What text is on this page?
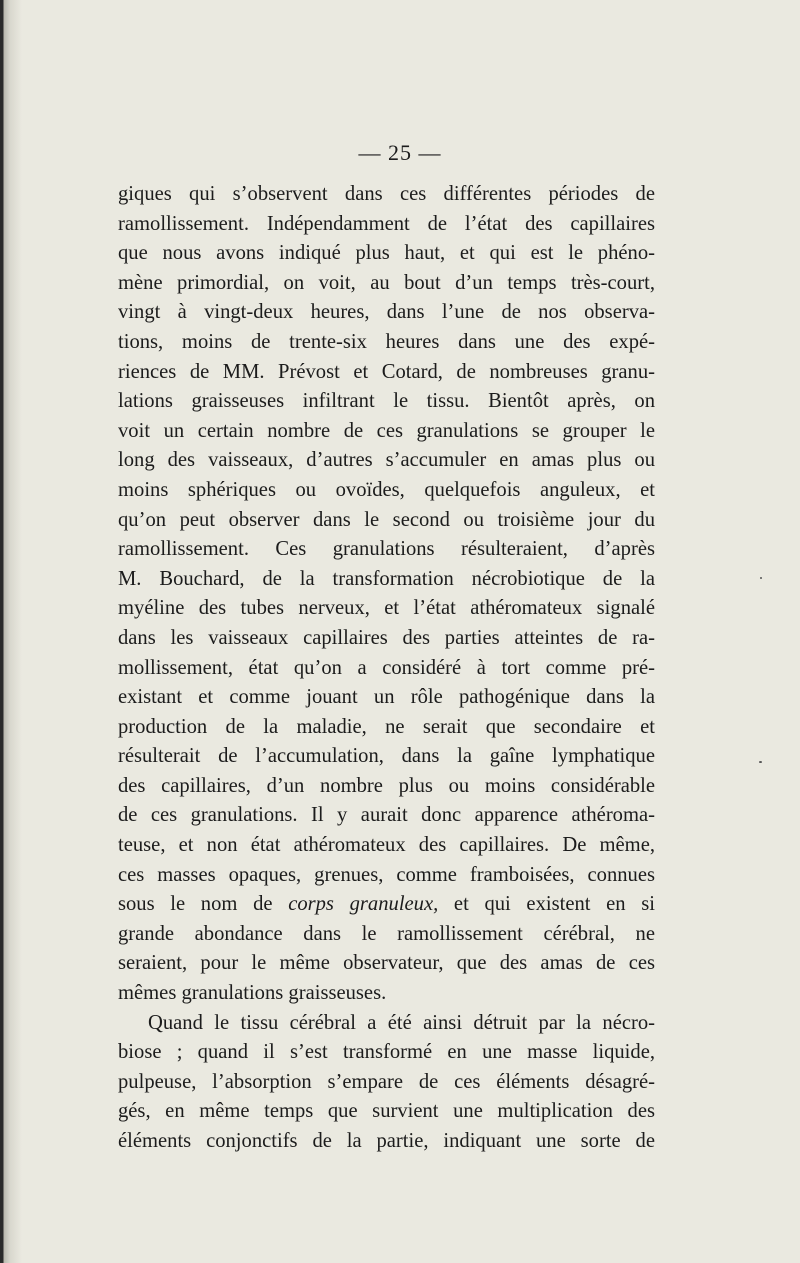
— 25 —
giques qui s’observent dans ces différentes périodes de
ramollissement. Indépendamment de l’état des capillaires
que nous avons indiqué plus haut, et qui est le phéno-
mène primordial, on voit, au bout d’un temps très-court,
vingt à vingt-deux heures, dans l’une de nos observa-
tions, moins de trente-six heures dans une des expé-
riences de MM. Prévost et Cotard, de nombreuses granu-
lations graisseuses infiltrant le tissu. Bientôt après, on
voit un certain nombre de ces granulations se grouper le
long des vaisseaux, d’autres s’accumuler en amas plus ou
moins sphériques ou ovoïdes, quelquefois anguleux, et
qu’on peut observer dans le second ou troisième jour du
ramollissement. Ces granulations résulteraient, d’après
M. Bouchard, de la transformation nécrobiotique de la
myéline des tubes nerveux, et l’état athéromateux signalé
dans les vaisseaux capillaires des parties atteintes de ra-
mollissement, état qu’on a considéré à tort comme pré-
existant et comme jouant un rôle pathogénique dans la
production de la maladie, ne serait que secondaire et
résulterait de l’accumulation, dans la gaîne lymphatique
des capillaires, d’un nombre plus ou moins considérable
de ces granulations. Il y aurait donc apparence athéroma-
teuse, et non état athéromateux des capillaires. De même,
ces masses opaques, grenues, comme framboisées, connues
sous le nom de corps granuleux, et qui existent en si
grande abondance dans le ramollissement cérébral, ne
seraient, pour le même observateur, que des amas de ces
mêmes granulations graisseuses.
Quand le tissu cérébral a été ainsi détruit par la nécro-
biose ; quand il s’est transformé en une masse liquide,
pulpeuse, l’absorption s’empare de ces éléments désagré-
gés, en même temps que survient une multiplication des
éléments conjonctifs de la partie, indiquant une sorte de
